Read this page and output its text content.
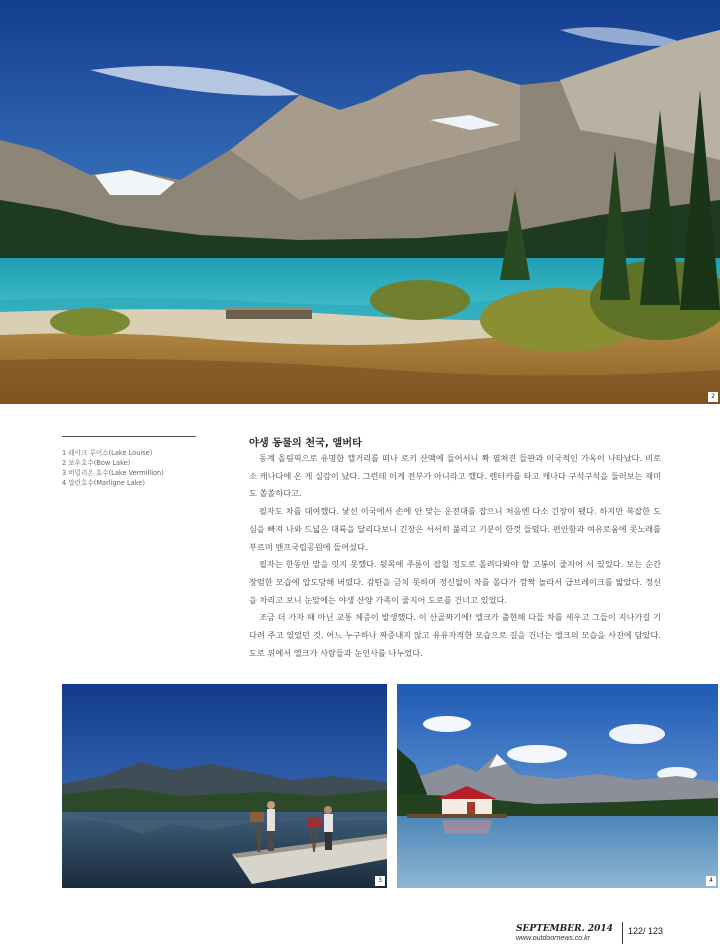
2
1 레이크 루이스(Lake Louise)
2 보우호수(Bow Lake)
3 버밀리온 호수(Lake Vermillion)
4 말린호수(Marligne Lake)
야생 동물의 천국, 앨버타

동계 올림픽으로 유명한 캘거리를 떠나 로키 산맥에 들어서니 쫙 펼쳐진 들판과 이국적인 가옥이 나타났다. 비로소 캐나다에 온 게 실감이 났다. 그런데 이게 전부가 아니라고 했다. 렌터카를 타고 캐나다 구석구석을 둘러보는 재미도 쏠쏠하다고.

필자도 차를 대여했다. 낯선 이국에서 손에 안 맞는 운전대를 잡으니 처음엔 다소 긴장이 됐다. 하지만 복잡한 도심을 빠져 나와 드넓은 대륙을 달리다보니 긴장은 서서히 풀리고 기분이 한껏 들떴다. 편안함과 여유로움에 콧노래를 부르며 밴프국립공원에 들어섰다.

필자는 한동안 말을 잇지 못했다. 뒷목에 주름이 잡힐 정도로 올려다봐야 할 고봉이 줄지어 서 있었다. 보는 순간 장엄한 모습에 압도당해 버렸다. 감탄을 금치 못하며 정신없이 차를 몰다가 깜짝 놀라서 급브레이크를 밟았다. 정신을 차리고 보니 눈앞에는 야생 산양 가족이 줄지어 도로를 건너고 있었다.

조금 더 가자 때 아닌 교통 체증이 발생했다. 이 산골짜기에! 엘크가 출현해 다들 차를 세우고 그들이 지나가길 기다려 주고 있었던 것. 어느 누구하나 짜증내지 않고 유유자적한 모습으로 길을 건너는 엘크의 모습을 사진에 담았다. 도로 위에서 엘크가 사람들과 눈인사를 나누었다.

3	4
SEPTEMBER. 2014
www.outdoornews.co.kr
122/ 123
